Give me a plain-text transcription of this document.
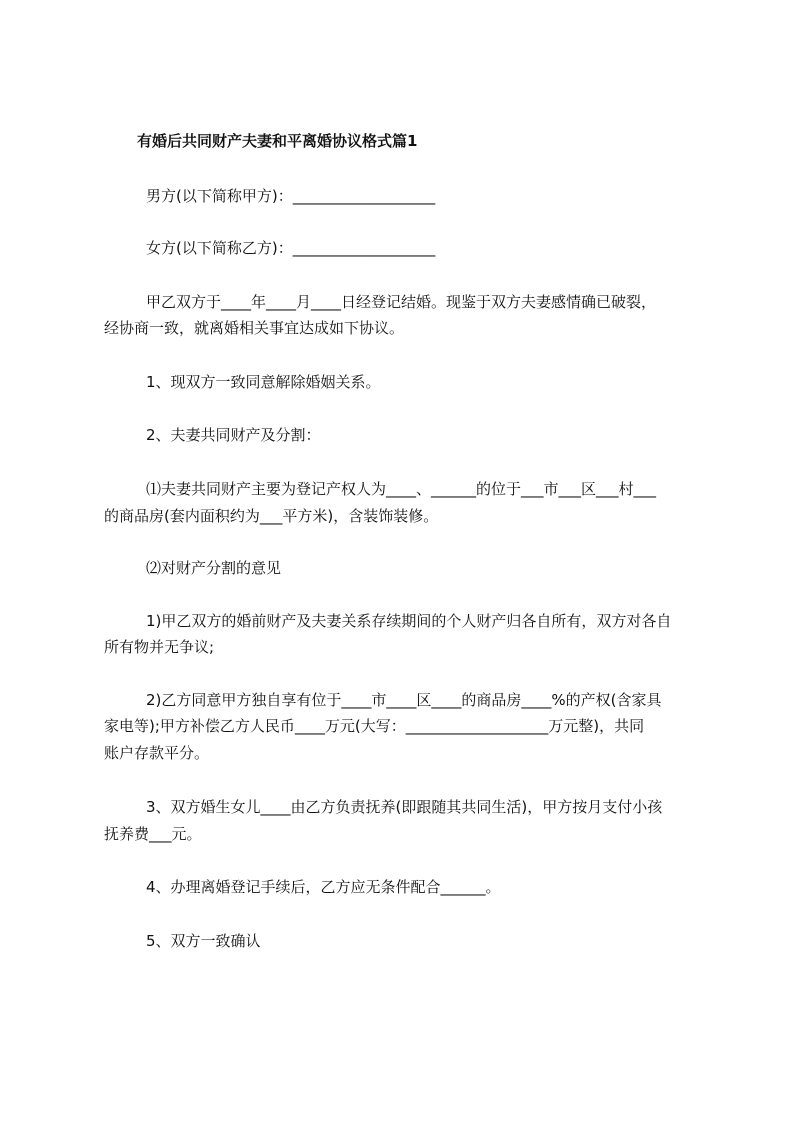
有婚后共同财产夫妻和平离婚协议格式篇1
男方(以下简称甲方)：___________________
女方(以下简称乙方)：___________________
甲乙双方于____年____月____日经登记结婚。现鉴于双方夫妻感情确已破裂，
经协商一致，就离婚相关事宜达成如下协议。
1、现双方一致同意解除婚姻关系。
2、夫妻共同财产及分割：
⑴夫妻共同财产主要为登记产权人为____、______的位于___市___区___村___
的商品房(套内面积约为___平方米)，含装饰装修。
⑵对财产分割的意见
1)甲乙双方的婚前财产及夫妻关系存续期间的个人财产归各自所有，双方对各自
所有物并无争议;
2)乙方同意甲方独自享有位于____市____区____的商品房____%的产权(含家具
家电等);甲方补偿乙方人民币____万元(大写：___________________万元整)，共同
账户存款平分。
3、双方婚生女儿____由乙方负责抚养(即跟随其共同生活)，甲方按月支付小孩
抚养费___元。
4、办理离婚登记手续后，乙方应无条件配合______。
5、双方一致确认
